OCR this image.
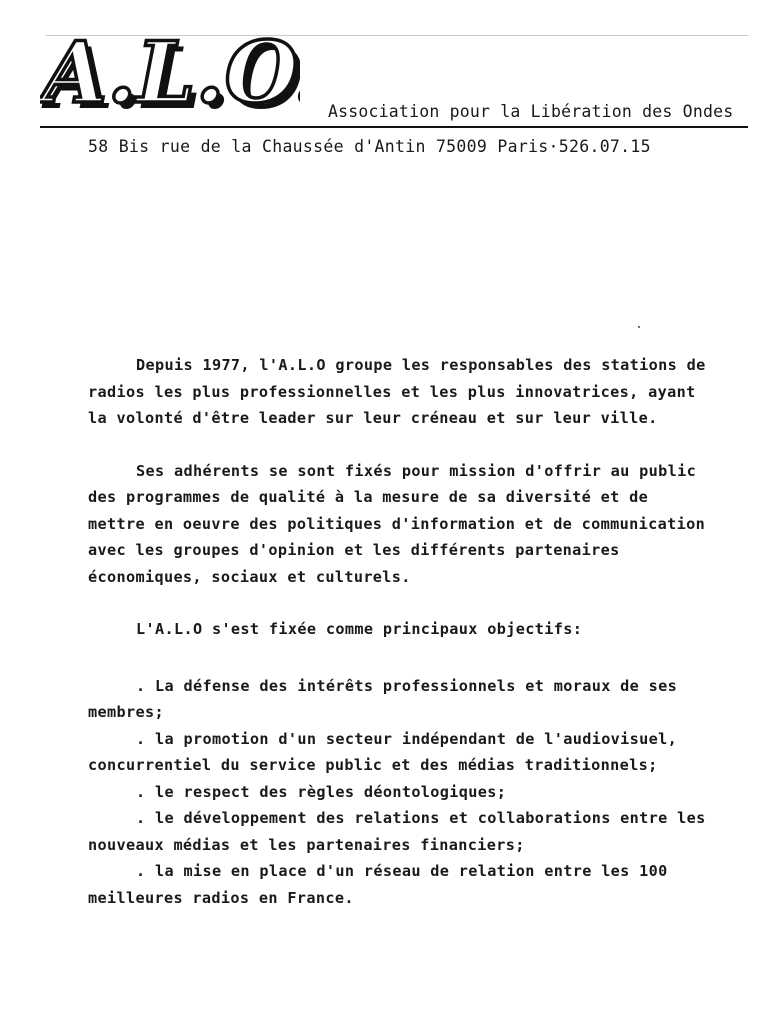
A.L.O
A.L.O. Association pour la Libération des Ondes
58 Bis rue de la Chaussée d'Antin 75009 Paris·526.07.15

Depuis 1977, l'A.L.O groupe les responsables des stations de radios les plus professionnelles et les plus innovatrices, ayant la volonté d'être leader sur leur créneau et sur leur ville.

Ses adhérents se sont fixés pour mission d'offrir au public des programmes de qualité à la mesure de sa diversité et de mettre en oeuvre des politiques d'information et de communication avec les groupes d'opinion et les différents partenaires économiques, sociaux et culturels.

L'A.L.O s'est fixée comme principaux objectifs:

. La défense des intérêts professionnels et moraux de ses membres;

. la promotion d'un secteur indépendant de l'audiovisuel, concurrentiel du service public et des médias traditionnels;

. le respect des règles déontologiques;

. le développement des relations et collaborations entre les nouveaux médias et les partenaires financiers;

. la mise en place d'un réseau de relation entre les 100 meilleures radios en France.
